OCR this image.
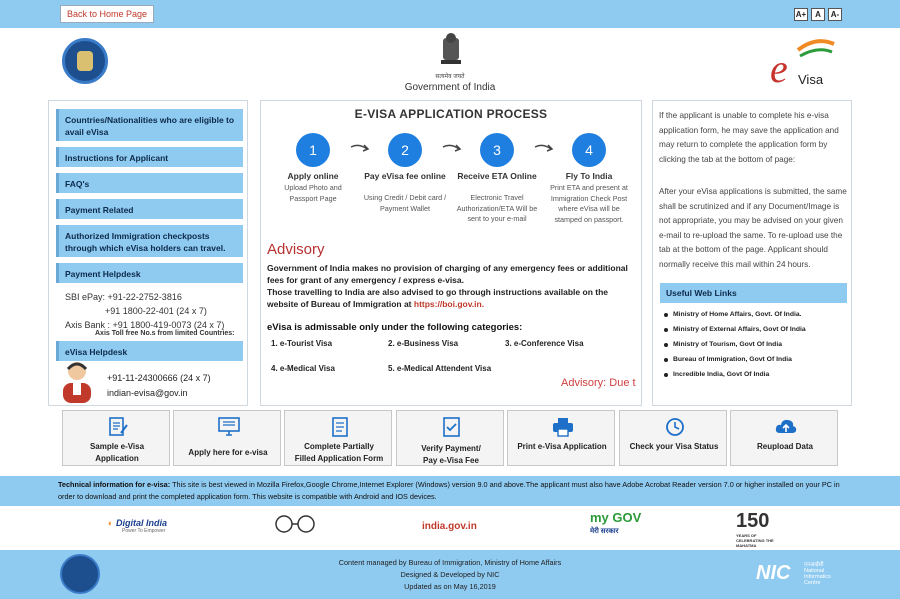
Back to Home Page	A+	A	A-
सत्यमेव जयते
Government of India	e Visa
Countries/Nationalities who are eligible to avail eVisa
Instructions for Applicant
FAQ's
Payment Related
Authorized Immigration checkposts through which eVisa holders can travel.
Payment Helpdesk
SBI ePay: +91-22-2752-3816
+91 1800-22-401 (24 x 7)
Axis Bank : +91 1800-419-0073 (24 x 7)
Axis Toll free No.s from limited Countries:
eVisa Helpdesk
+91-11-24300666 (24 x 7)
indian-evisa@gov.in
E-VISA APPLICATION PROCESS
1	2	3	4
Apply online
Upload Photo and Passport Page
Pay eVisa fee online
Using Credit / Debit card / Payment Wallet
Receive ETA Online
Electronic Travel Authorization/ETA Will be sent to your e-mail
Fly To India
Print ETA and present at Immigration Check Post where eVisa will be stamped on passport.
Advisory
Government of India makes no provision of charging of any emergency fees or additional fees for grant of any emergency / express e-visa.
Those travelling to India are also advised to go through instructions available on the website of Bureau of Immigration at https://boi.gov.in.
eVisa is admissable only under the following categories:
1. e-Tourist Visa	2. e-Business Visa	3. e-Conference Visa
4. e-Medical Visa	5. e-Medical Attendent Visa
Advisory: Due t
If the applicant is unable to complete his e-visa application form, he may save the application and may return to complete the application form by clicking the tab at the bottom of page:
After your eVisa applications is submitted, the same shall be scrutinized and if any Document/Image is not appropriate, you may be advised on your given e-mail to re-upload the same. To re-upload use the tab at the bottom of the page. Applicant should normally receive this mail within 24 hours.
Useful Web Links
Ministry of Home Affairs, Govt. Of India.
Ministry of External Affairs, Govt Of India
Ministry of Tourism, Govt Of India
Bureau of Immigration, Govt Of India
Incredible India, Govt Of India
Sample e-Visa
Application
Apply here for e-visa
Complete Partially
Filled Application Form
Verify Payment/
Pay e-Visa Fee
Print e-Visa Application	Check your Visa Status	Reupload Data
Technical information for e-visa: This site is best viewed in Mozilla Firefox,Google Chrome,Internet Explorer (Windows) version 9.0 and above.The applicant must also have Adobe Acrobat Reader version 7.0 or higher installed on your PC in order to download and print the completed application form. This website is compatible with Android and IOS devices.
◐ Digital India
Power To Empower	india.gov.in
my GOV
मेरी सरकार	150
YEARS OF CELEBRATING THE MAHATMA
Content managed by Bureau of Immigration, Ministry of Home Affairs
Designed & Developed by NIC
Updated as on May 16,2019
NIC एनआईसी
National Informatics Centre
